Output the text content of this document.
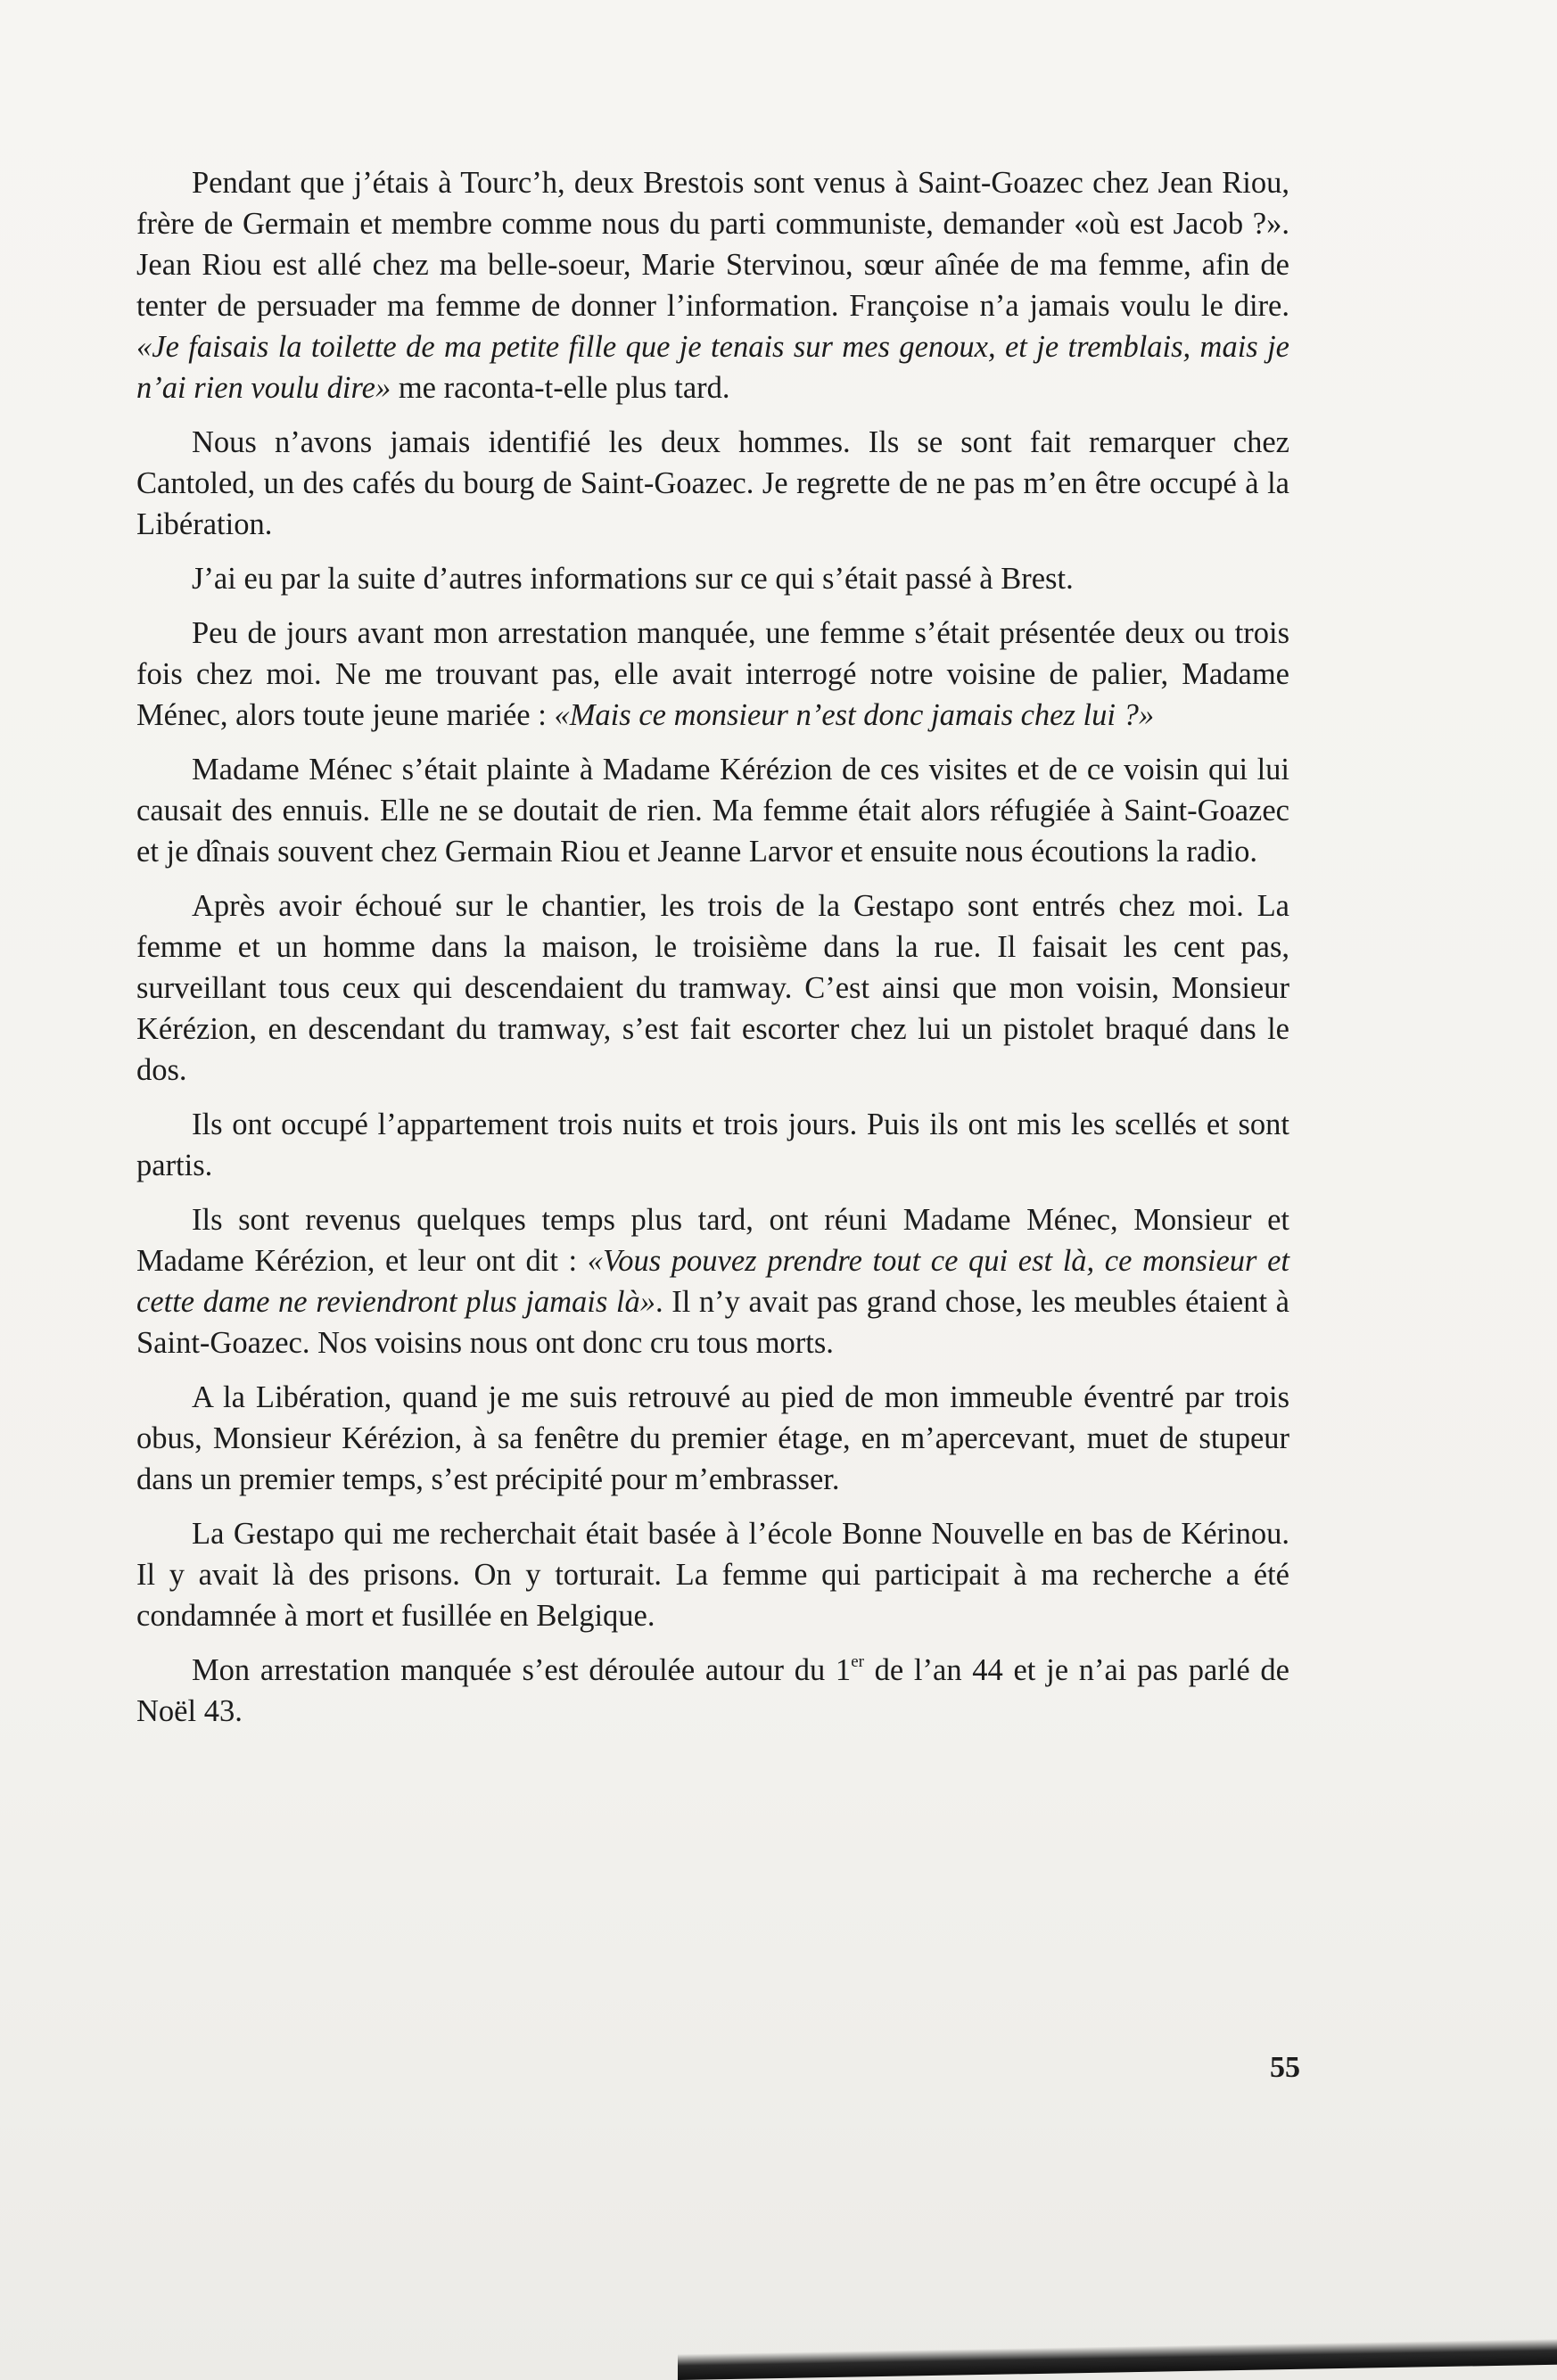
Pendant que j’étais à Tourc’h, deux Brestois sont venus à Saint-Goazec chez Jean Riou, frère de Germain et membre comme nous du parti communiste, demander «où est Jacob ?». Jean Riou est allé chez ma belle-soeur, Marie Stervinou, sœur aînée de ma femme, afin de tenter de persuader ma femme de donner l’information. Françoise n’a jamais voulu le dire. «Je faisais la toilette de ma petite fille que je tenais sur mes genoux, et je tremblais, mais je n’ai rien voulu dire» me raconta-t-elle plus tard.

Nous n’avons jamais identifié les deux hommes. Ils se sont fait remarquer chez Cantoled, un des cafés du bourg de Saint-Goazec. Je regrette de ne pas m’en être occupé à la Libération.

J’ai eu par la suite d’autres informations sur ce qui s’était passé à Brest.

Peu de jours avant mon arrestation manquée, une femme s’était présentée deux ou trois fois chez moi. Ne me trouvant pas, elle avait interrogé notre voisine de palier, Madame Ménec, alors toute jeune mariée : «Mais ce monsieur n’est donc jamais chez lui ?»

Madame Ménec s’était plainte à Madame Kérézion de ces visites et de ce voisin qui lui causait des ennuis. Elle ne se doutait de rien. Ma femme était alors réfugiée à Saint-Goazec et je dînais souvent chez Germain Riou et Jeanne Larvor et ensuite nous écoutions la radio.

Après avoir échoué sur le chantier, les trois de la Gestapo sont entrés chez moi. La femme et un homme dans la maison, le troisième dans la rue. Il faisait les cent pas, surveillant tous ceux qui descendaient du tramway. C’est ainsi que mon voisin, Monsieur Kérézion, en descendant du tramway, s’est fait escorter chez lui un pistolet braqué dans le dos.

Ils ont occupé l’appartement trois nuits et trois jours. Puis ils ont mis les scellés et sont partis.

Ils sont revenus quelques temps plus tard, ont réuni Madame Ménec, Monsieur et Madame Kérézion, et leur ont dit : «Vous pouvez prendre tout ce qui est là, ce monsieur et cette dame ne reviendront plus jamais là». Il n’y avait pas grand chose, les meubles étaient à Saint-Goazec. Nos voisins nous ont donc cru tous morts.

A la Libération, quand je me suis retrouvé au pied de mon immeuble éventré par trois obus, Monsieur Kérézion, à sa fenêtre du premier étage, en m’apercevant, muet de stupeur dans un premier temps, s’est précipité pour m’embrasser.

La Gestapo qui me recherchait était basée à l’école Bonne Nouvelle en bas de Kérinou. Il y avait là des prisons. On y torturait. La femme qui participait à ma recherche a été condamnée à mort et fusillée en Belgique.

Mon arrestation manquée s’est déroulée autour du 1er de l’an 44 et je n’ai pas parlé de Noël 43.

55
